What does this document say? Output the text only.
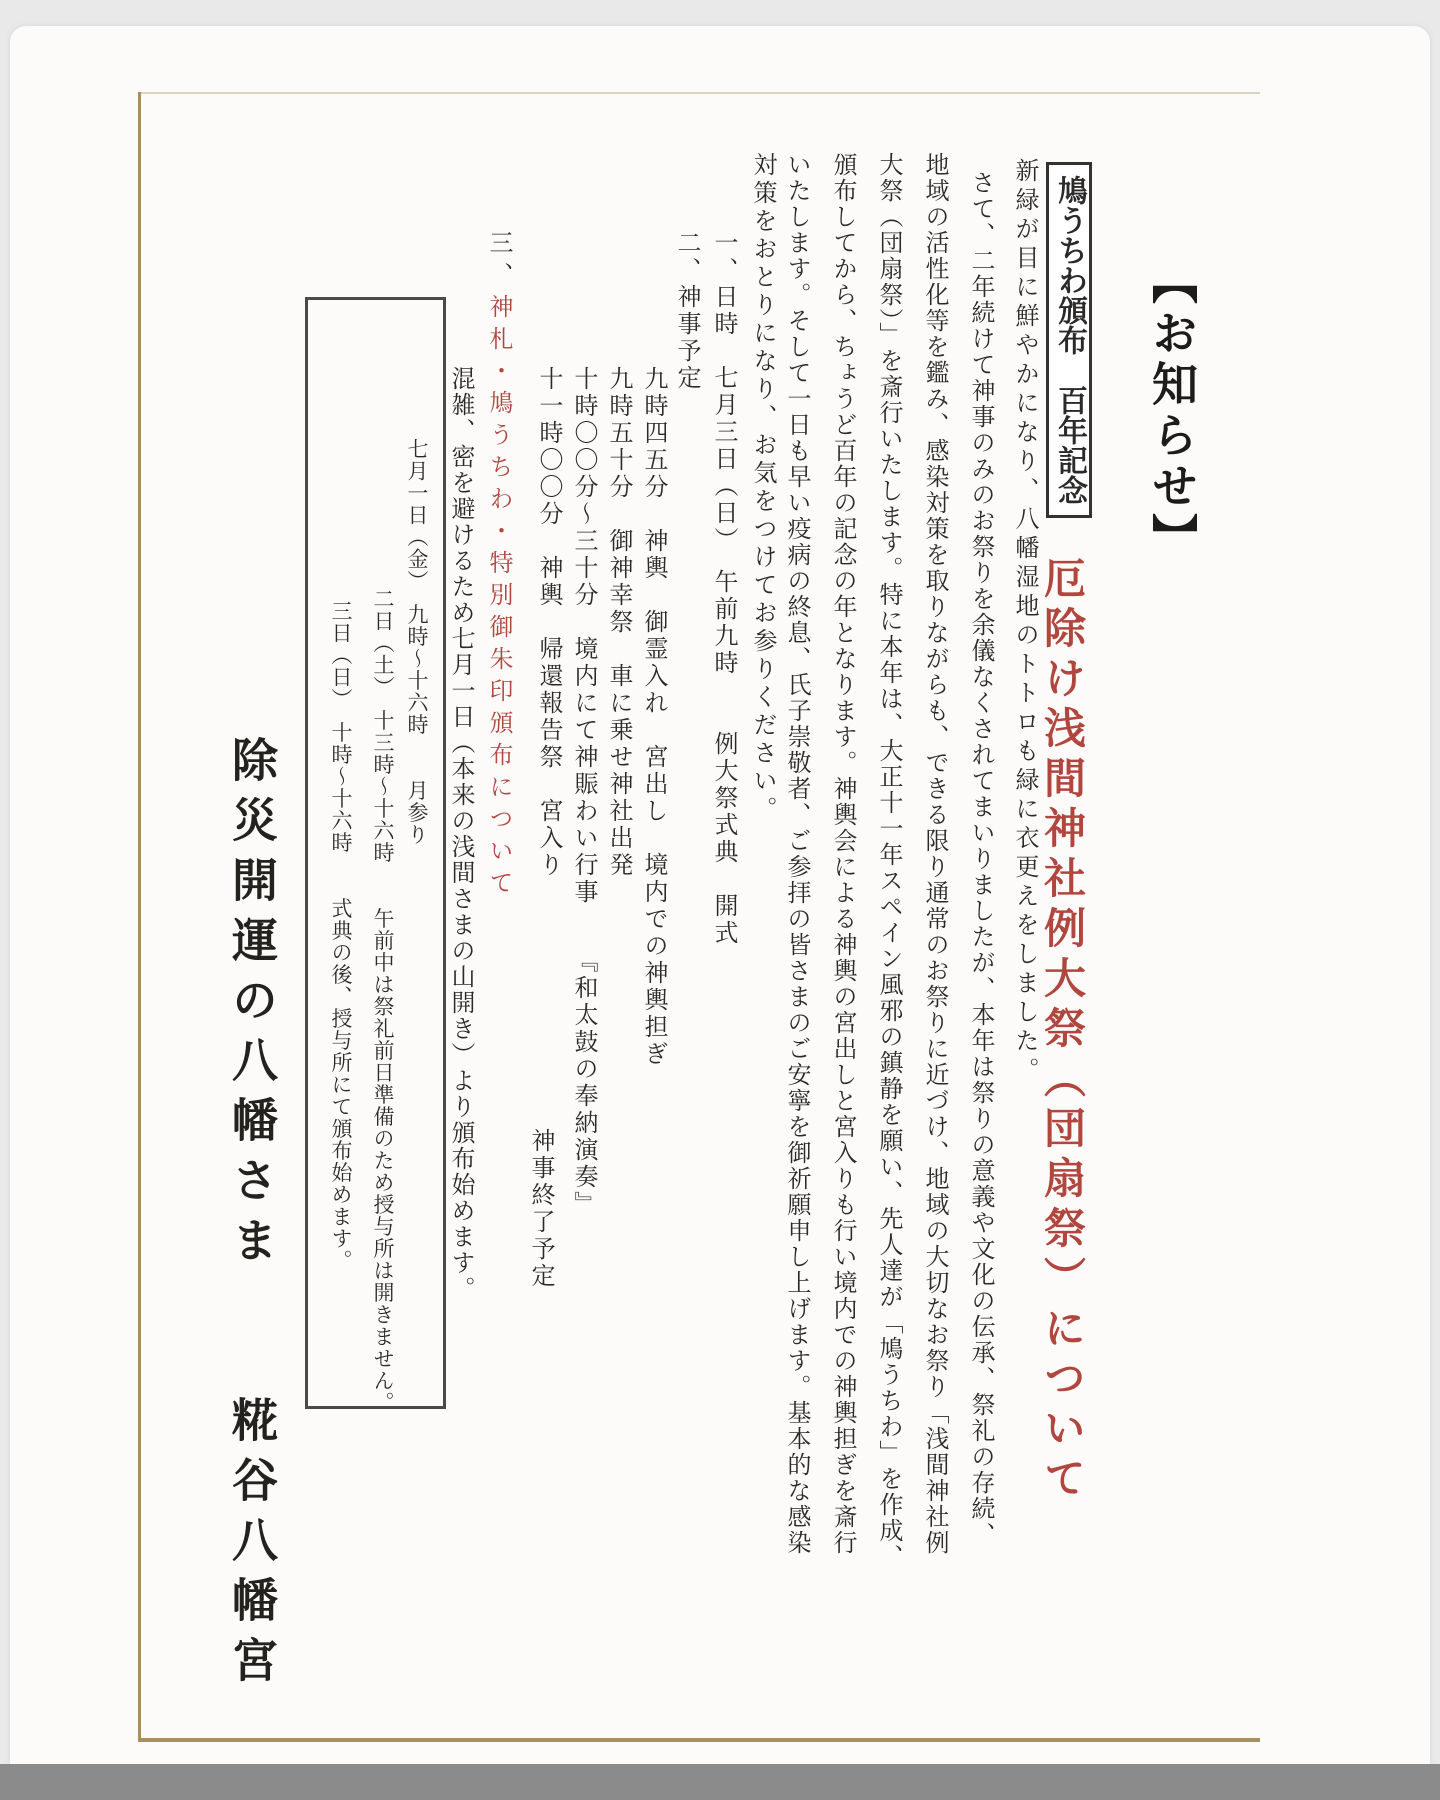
【お知らせ】
鳩うちわ頒布　百年記念
厄除け浅間神社例大祭（団扇祭）について
新緑が目に鮮やかになり、八幡湿地のトトロも緑に衣更えをしました。
さて、二年続けて神事のみのお祭りを余儀なくされてまいりましたが、本年は祭りの意義や文化の伝承、祭礼の存続、
地域の活性化等を鑑み、感染対策を取りながらも、できる限り通常のお祭りに近づけ、地域の大切なお祭り「浅間神社例
大祭（団扇祭）」を斎行いたします。特に本年は、大正十一年スペイン風邪の鎮静を願い、先人達が「鳩うちわ」を作成、
頒布してから、ちょうど百年の記念の年となります。神輿会による神輿の宮出しと宮入りも行い境内での神輿担ぎを斎行
いたします。そして一日も早い疫病の終息、氏子崇敬者、ご参拝の皆さまのご安寧を御祈願申し上げます。基本的な感染
対策をおとりになり、お気をつけてお参りください。
一、日時　七月三日（日）　午前九時　　例大祭式典　開式
二、神事予定
九時四五分　神輿　御霊入れ　宮出し　境内での神輿担ぎ
九時五十分　御神幸祭　車に乗せ神社出発
十時〇〇分～三十分　境内にて神賑わい行事　　『和太鼓の奉納演奏』
十一時〇〇分　神輿　帰還報告祭　宮入り
神事終了予定
三、神札・鳩うちわ・特別御朱印頒布について
混雑、密を避けるため七月一日（本来の浅間さまの山開き）より頒布始めます。
七月一日（金）　九時～十六時　　月参り
二日（土）　十三時～十六時　　午前中は祭礼前日準備のため授与所は開きません。
三日（日）　十時～十六時　　式典の後、授与所にて頒布始めます。
除災開運の八幡さま　　糀谷八幡宮
